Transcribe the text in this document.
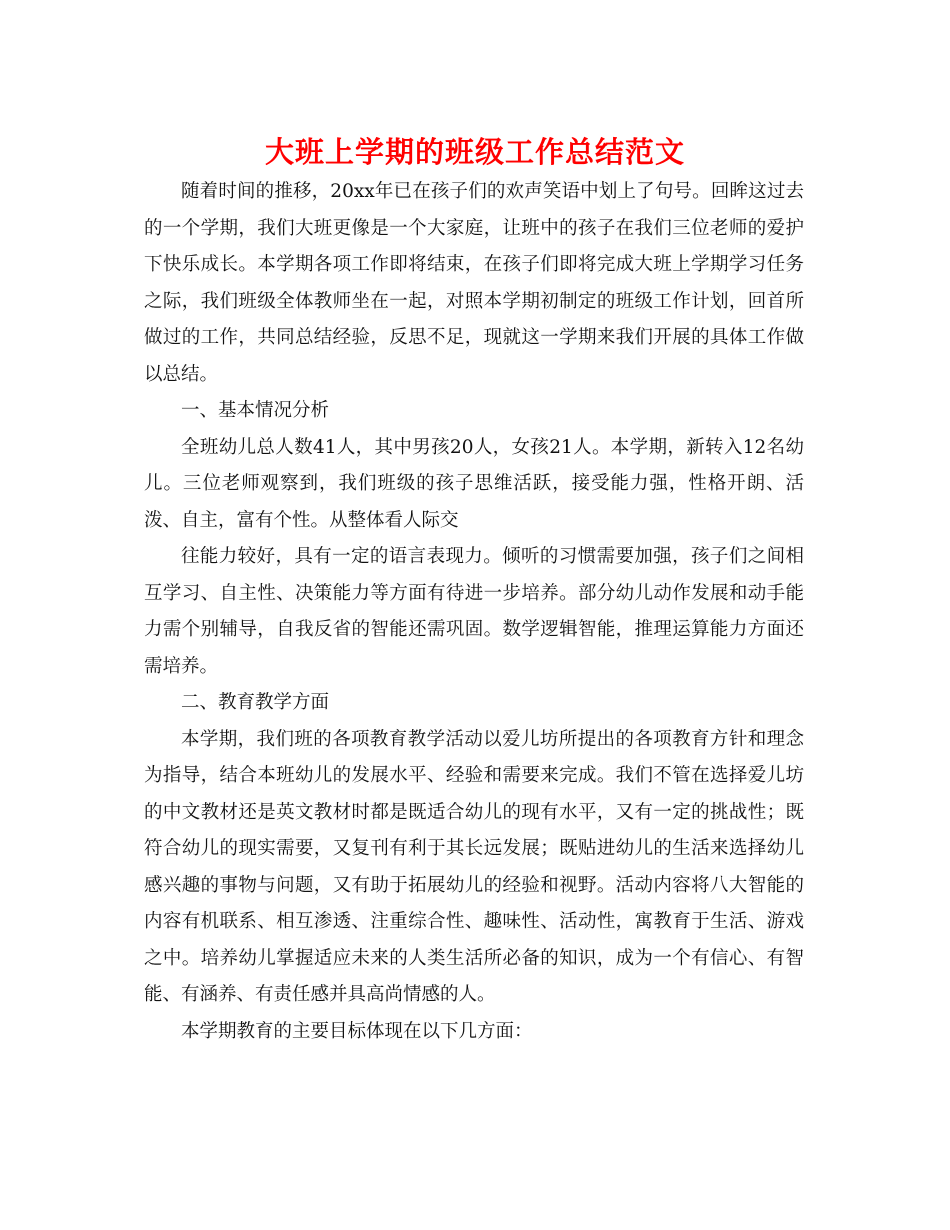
大班上学期的班级工作总结范文

随着时间的推移，20xx年已在孩子们的欢声笑语中划上了句号。回眸这过去的一个学期，我们大班更像是一个大家庭，让班中的孩子在我们三位老师的爱护下快乐成长。本学期各项工作即将结束，在孩子们即将完成大班上学期学习任务之际，我们班级全体教师坐在一起，对照本学期初制定的班级工作计划，回首所做过的工作，共同总结经验，反思不足，现就这一学期来我们开展的具体工作做以总结。

一、基本情况分析

全班幼儿总人数41人，其中男孩20人，女孩21人。本学期，新转入12名幼儿。三位老师观察到，我们班级的孩子思维活跃，接受能力强，性格开朗、活泼、自主，富有个性。从整体看人际交

往能力较好，具有一定的语言表现力。倾听的习惯需要加强，孩子们之间相互学习、自主性、决策能力等方面有待进一步培养。部分幼儿动作发展和动手能力需个别辅导，自我反省的智能还需巩固。数学逻辑智能，推理运算能力方面还需培养。

二、教育教学方面

本学期，我们班的各项教育教学活动以爱儿坊所提出的各项教育方针和理念为指导，结合本班幼儿的发展水平、经验和需要来完成。我们不管在选择爱儿坊的中文教材还是英文教材时都是既适合幼儿的现有水平，又有一定的挑战性；既符合幼儿的现实需要，又复刊有利于其长远发展；既贴进幼儿的生活来选择幼儿感兴趣的事物与问题，又有助于拓展幼儿的经验和视野。活动内容将八大智能的内容有机联系、相互渗透、注重综合性、趣味性、活动性，寓教育于生活、游戏之中。培养幼儿掌握适应未来的人类生活所必备的知识，成为一个有信心、有智能、有涵养、有责任感并具高尚情感的人。

本学期教育的主要目标体现在以下几方面：
